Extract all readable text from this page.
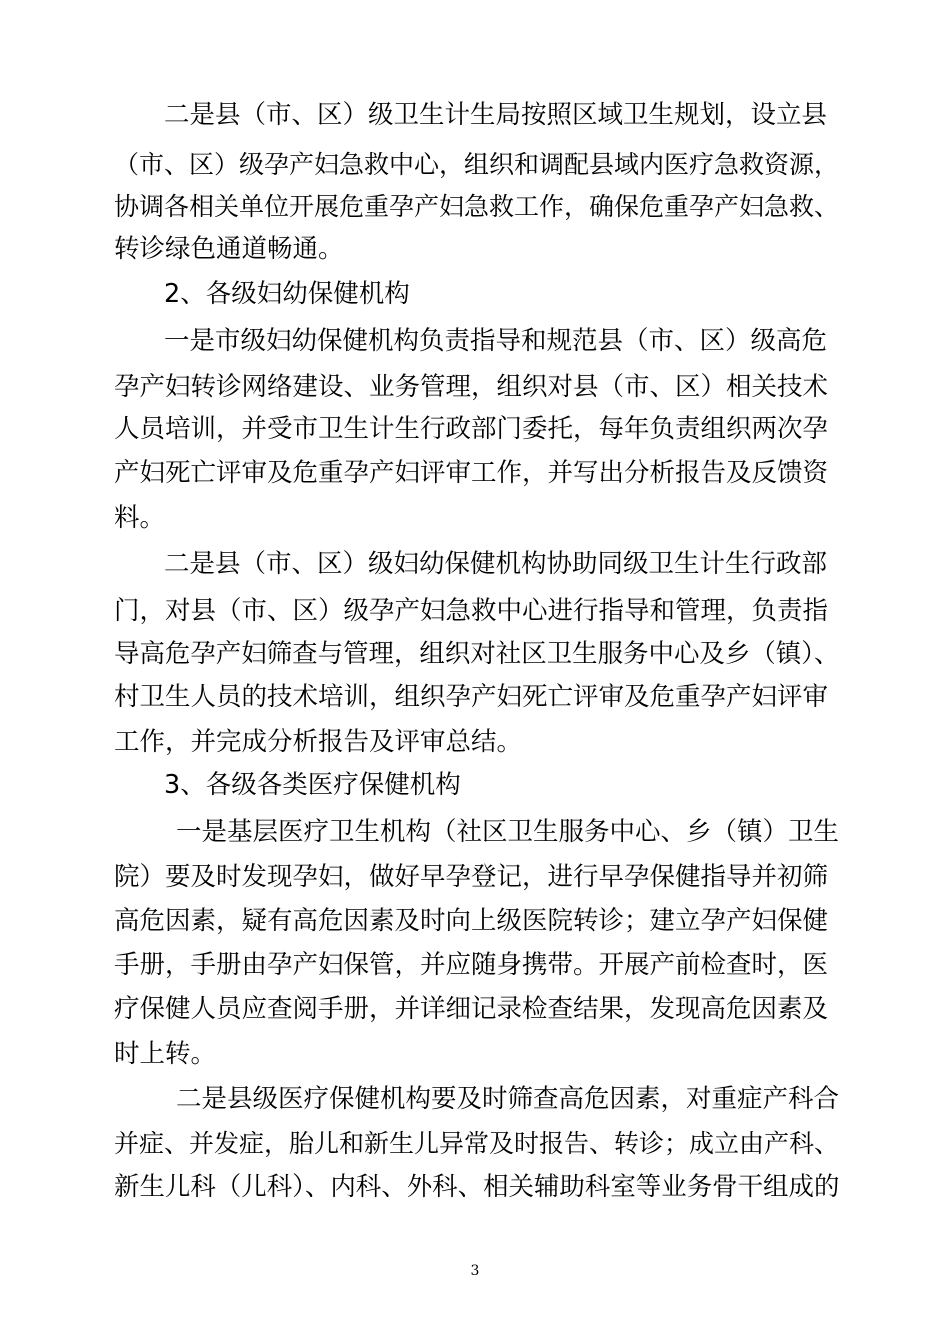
二是县（市、区）级卫生计生局按照区域卫生规划，设立县
（市、区）级孕产妇急救中心，组织和调配县域内医疗急救资源，
协调各相关单位开展危重孕产妇急救工作，确保危重孕产妇急救、
转诊绿色通道畅通。
2、各级妇幼保健机构
一是市级妇幼保健机构负责指导和规范县（市、区）级高危
孕产妇转诊网络建设、业务管理，组织对县（市、区）相关技术
人员培训，并受市卫生计生行政部门委托，每年负责组织两次孕
产妇死亡评审及危重孕产妇评审工作，并写出分析报告及反馈资
料。
二是县（市、区）级妇幼保健机构协助同级卫生计生行政部
门，对县（市、区）级孕产妇急救中心进行指导和管理，负责指
导高危孕产妇筛查与管理，组织对社区卫生服务中心及乡（镇）、
村卫生人员的技术培训，组织孕产妇死亡评审及危重孕产妇评审
工作，并完成分析报告及评审总结。
3、各级各类医疗保健机构
一是基层医疗卫生机构（社区卫生服务中心、乡（镇）卫生
院）要及时发现孕妇，做好早孕登记，进行早孕保健指导并初筛
高危因素，疑有高危因素及时向上级医院转诊；建立孕产妇保健
手册，手册由孕产妇保管，并应随身携带。开展产前检查时，医
疗保健人员应查阅手册，并详细记录检查结果，发现高危因素及
时上转。
二是县级医疗保健机构要及时筛查高危因素，对重症产科合
并症、并发症，胎儿和新生儿异常及时报告、转诊；成立由产科、
新生儿科（儿科）、内科、外科、相关辅助科室等业务骨干组成的
3
